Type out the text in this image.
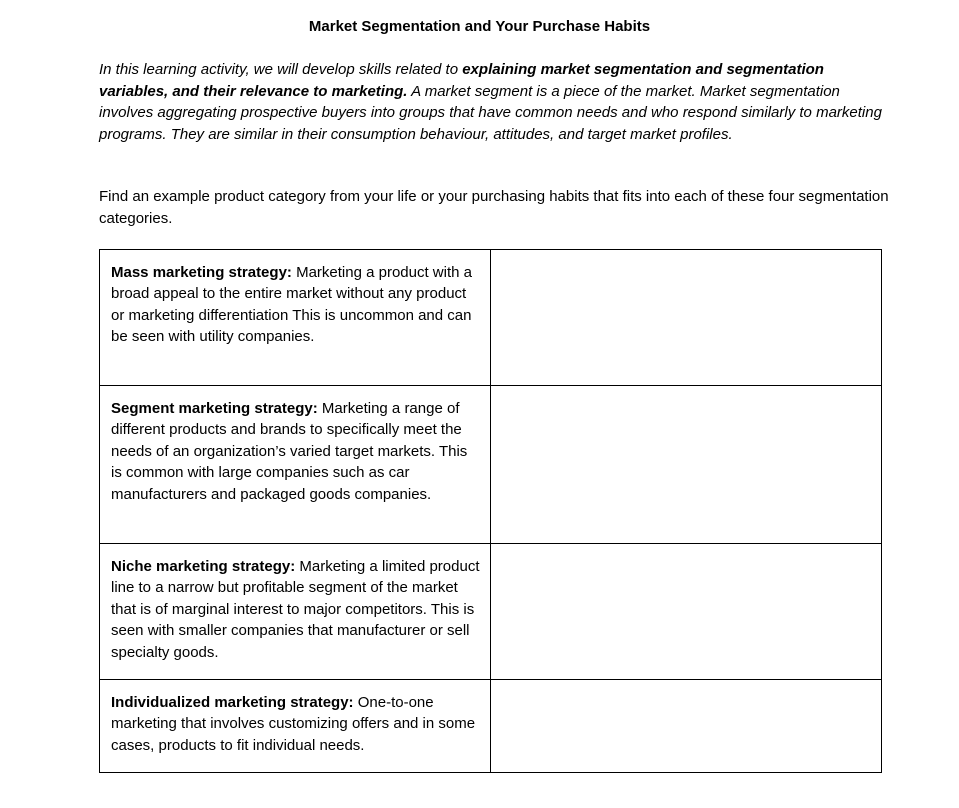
Market Segmentation and Your Purchase Habits

In this learning activity, we will develop skills related to explaining market segmentation and segmentation variables, and their relevance to marketing. A market segment is a piece of the market. Market segmentation involves aggregating prospective buyers into groups that have common needs and who respond similarly to marketing programs. They are similar in their consumption behaviour, attitudes, and target market profiles.

Find an example product category from your life or your purchasing habits that fits into each of these four segmentation categories.

Mass marketing strategy: Marketing a product with a broad appeal to the entire market without any product or marketing differentiation This is uncommon and can be seen with utility companies.	

Segment marketing strategy: Marketing a range of different products and brands to specifically meet the needs of an organization’s varied target markets. This is common with large companies such as car manufacturers and packaged goods companies.	

Niche marketing strategy: Marketing a limited product line to a narrow but profitable segment of the market that is of marginal interest to major competitors. This is seen with smaller companies that manufacturer or sell specialty goods.	

Individualized marketing strategy: One-to-one marketing that involves customizing offers and in some cases, products to fit individual needs.	
